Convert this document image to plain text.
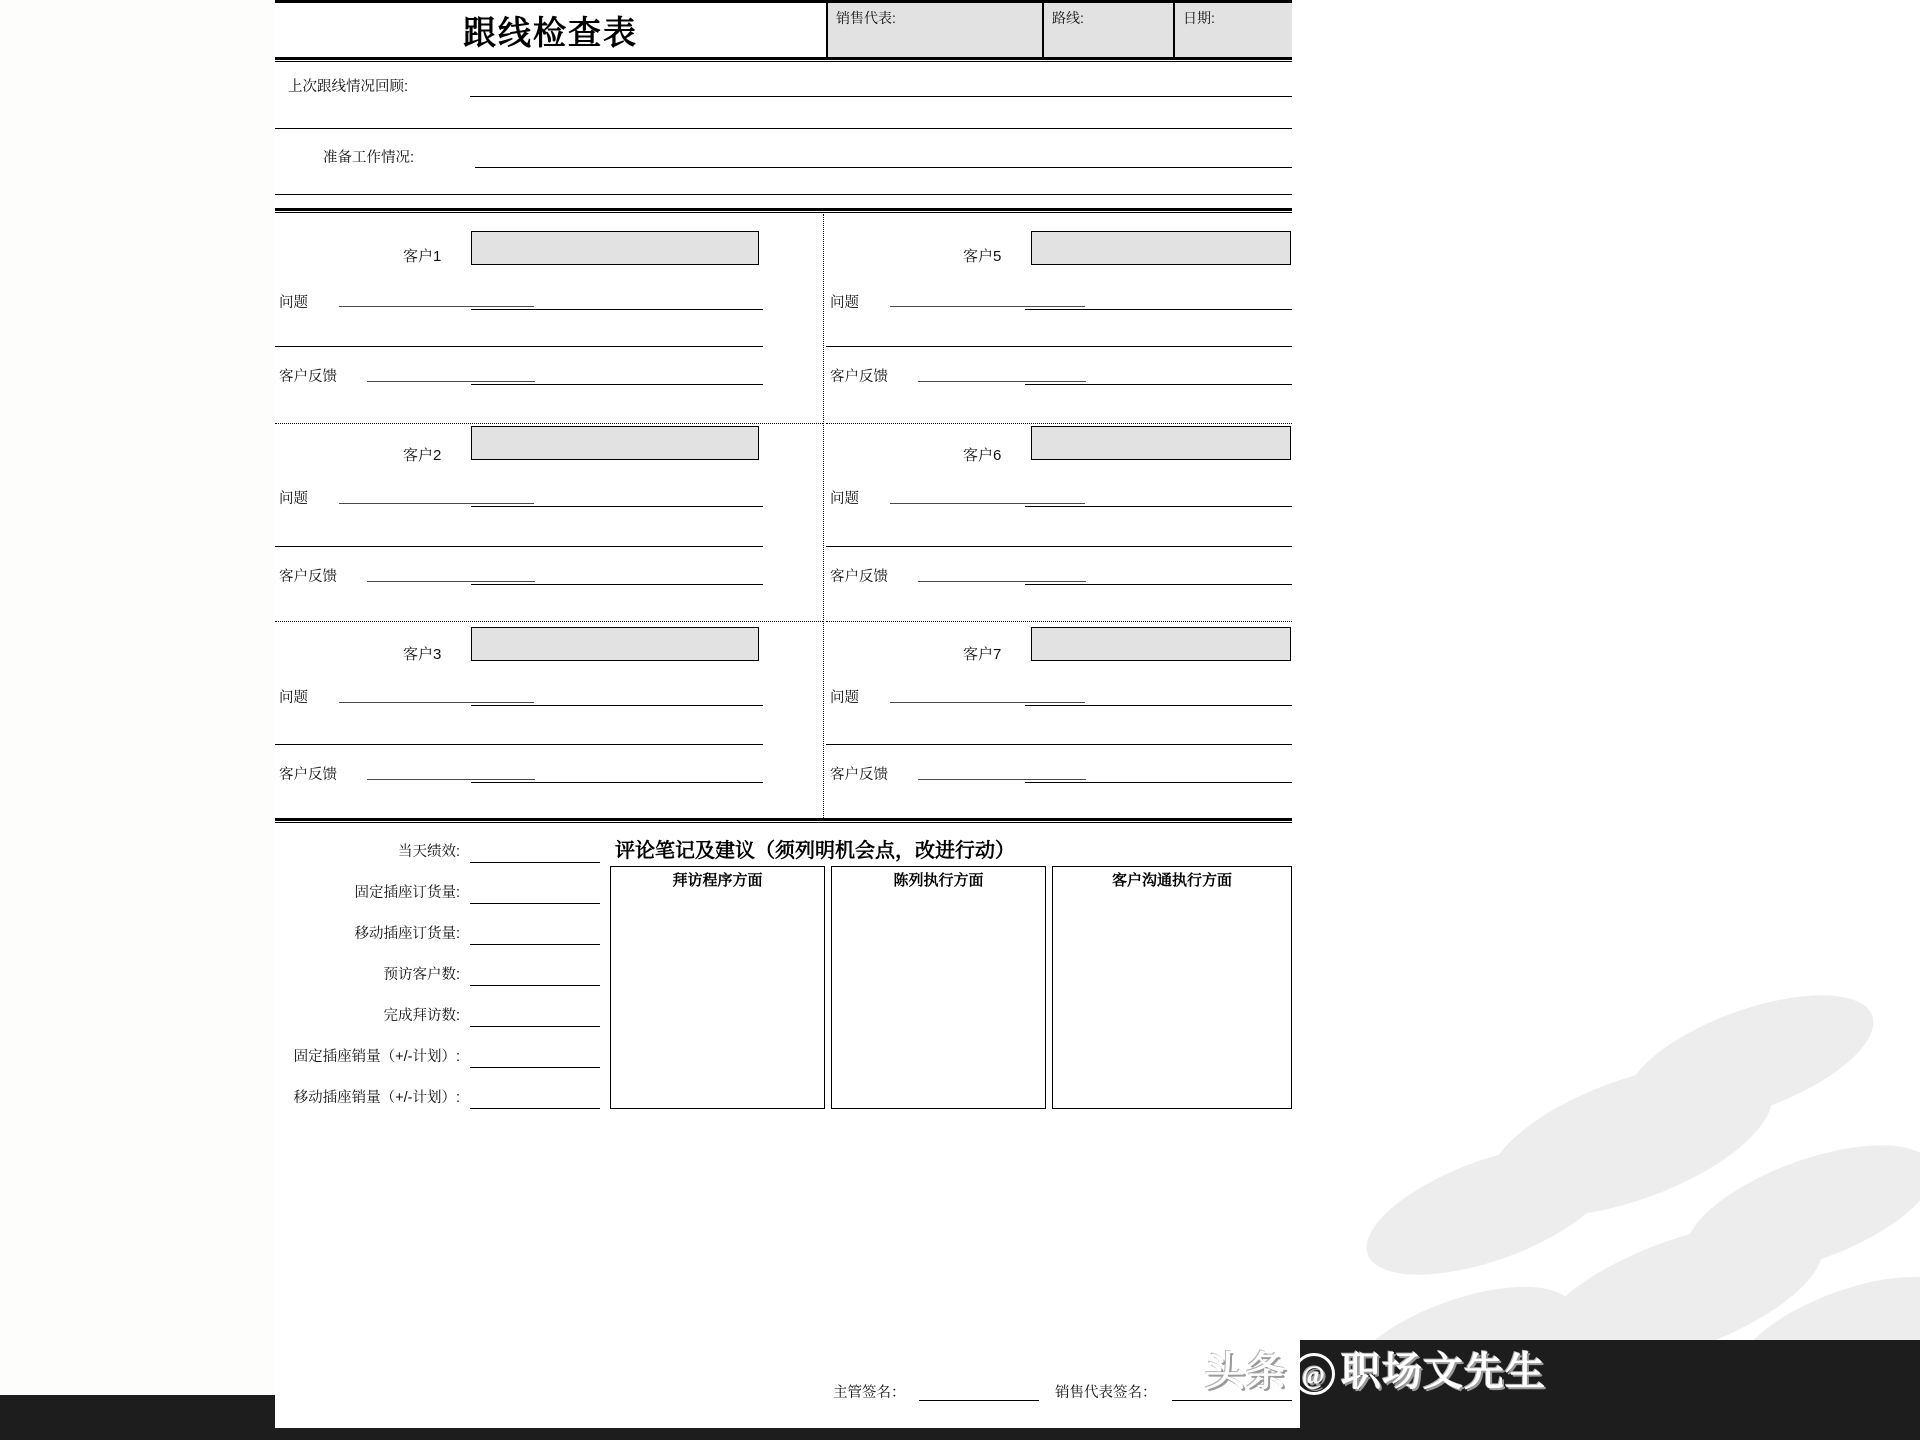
跟线检查表	销售代表:	路线:	日期:
上次跟线情况回顾:
准备工作情况:
客户1
问题
客户反馈
客户2
问题
客户反馈
客户3
问题
客户反馈
客户5
问题
客户反馈
客户6
问题
客户反馈
客户7
问题
客户反馈
当天绩效:
固定插座订货量:
移动插座订货量:
预访客户数:
完成拜访数:
固定插座销量（+/-计划）:
移动插座销量（+/-计划）:
评论笔记及建议（须列明机会点，改进行动）
拜访程序方面	陈列执行方面	客户沟通执行方面
主管签名：	销售代表签名： 头条 @ 职场文先生
